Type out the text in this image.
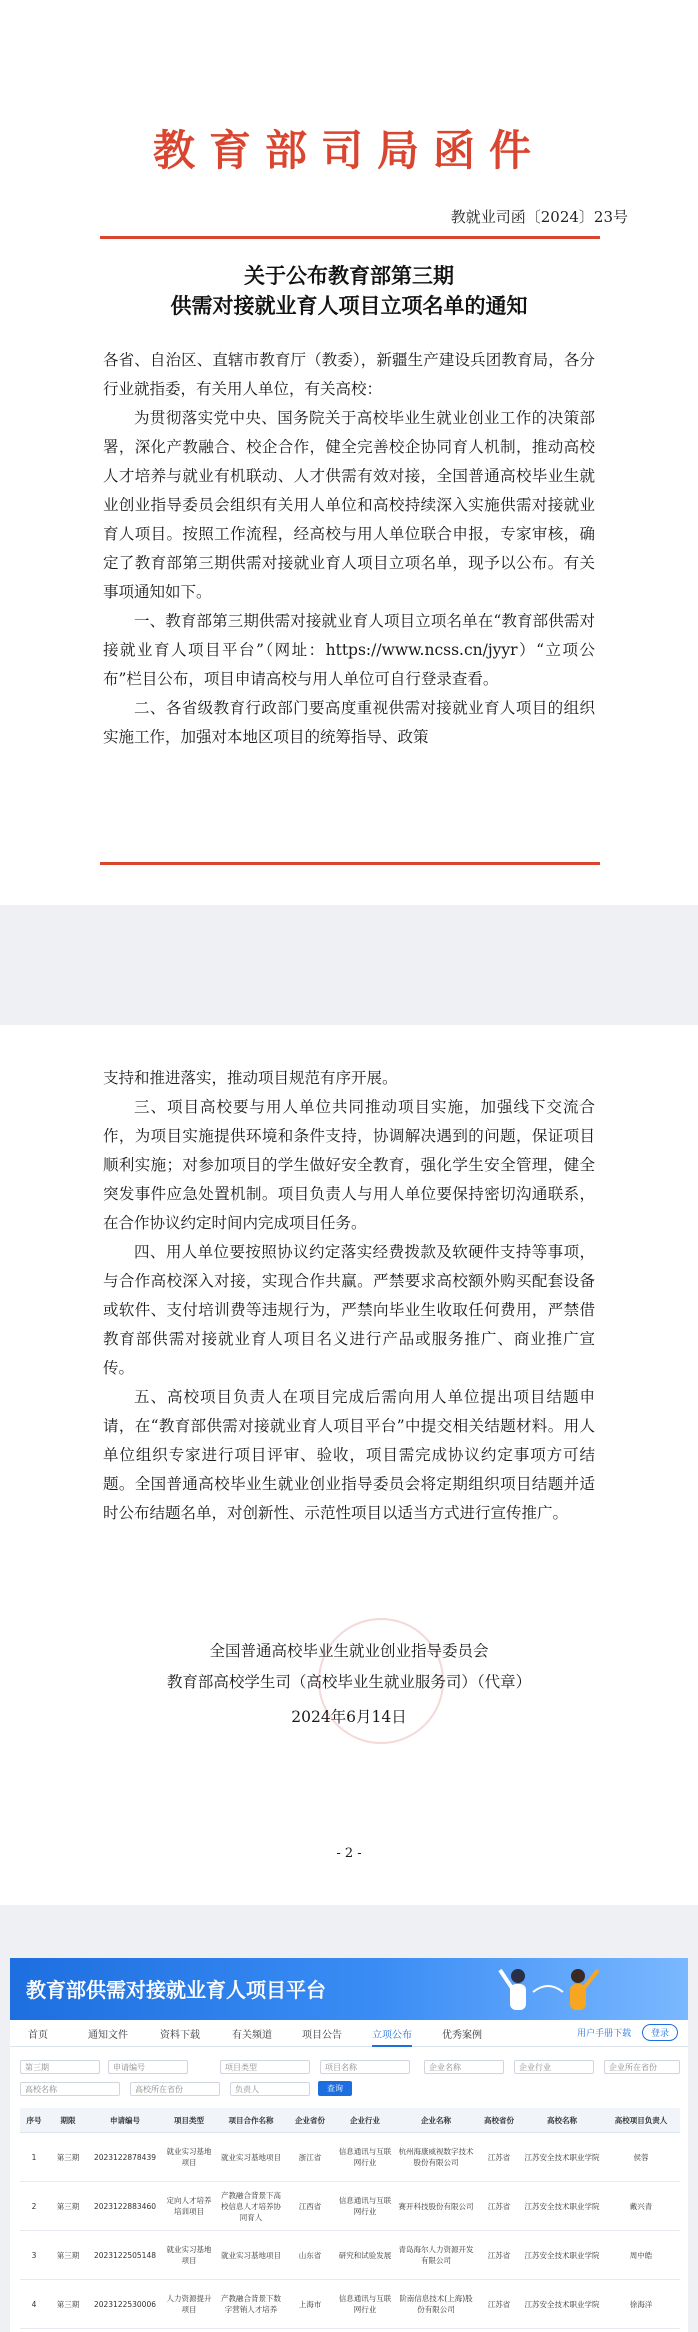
教育部司局函件
教就业司函〔2024〕23号
关于公布教育部第三期
供需对接就业育人项目立项名单的通知

各省、自治区、直辖市教育厅（教委），新疆生产建设兵团教育局，各分行业就指委，有关用人单位，有关高校：

为贯彻落实党中央、国务院关于高校毕业生就业创业工作的决策部署，深化产教融合、校企合作，健全完善校企协同育人机制，推动高校人才培养与就业有机联动、人才供需有效对接，全国普通高校毕业生就业创业指导委员会组织有关用人单位和高校持续深入实施供需对接就业育人项目。按照工作流程，经高校与用人单位联合申报，专家审核，确定了教育部第三期供需对接就业育人项目立项名单，现予以公布。有关事项通知如下。

一、教育部第三期供需对接就业育人项目立项名单在“教育部供需对接就业育人项目平台”（网址：https://www.ncss.cn/jyyr）“立项公布”栏目公布，项目申请高校与用人单位可自行登录查看。

二、各省级教育行政部门要高度重视供需对接就业育人项目的组织实施工作，加强对本地区项目的统筹指导、政策

支持和推进落实，推动项目规范有序开展。

三、项目高校要与用人单位共同推动项目实施，加强线下交流合作，为项目实施提供环境和条件支持，协调解决遇到的问题，保证项目顺利实施；对参加项目的学生做好安全教育，强化学生安全管理，健全突发事件应急处置机制。项目负责人与用人单位要保持密切沟通联系，在合作协议约定时间内完成项目任务。

四、用人单位要按照协议约定落实经费拨款及软硬件支持等事项，与合作高校深入对接，实现合作共赢。严禁要求高校额外购买配套设备或软件、支付培训费等违规行为，严禁向毕业生收取任何费用，严禁借教育部供需对接就业育人项目名义进行产品或服务推广、商业推广宣传。

五、高校项目负责人在项目完成后需向用人单位提出项目结题申请，在“教育部供需对接就业育人项目平台”中提交相关结题材料。用人单位组织专家进行项目评审、验收，项目需完成协议约定事项方可结题。全国普通高校毕业生就业创业指导委员会将定期组织项目结题并适时公布结题名单，对创新性、示范性项目以适当方式进行宣传推广。

全国普通高校毕业生就业创业指导委员会
教育部高校学生司（高校毕业生就业服务司）（代章）
2024年6月14日
- 2 -
教育部供需对接就业育人项目平台
首页	通知文件	资料下载	有关频道	项目公告	立项公布	优秀案例	用户手册下载 登录
第三期	申请编号	项目类型	项目名称	企业名称	企业行业	企业所在省份
高校名称	高校所在省份	负责人	查询
序号	期限	申请编号	项目类型	项目合作名称	企业省份	企业行业	企业名称	高校省份	高校名称	高校项目负责人
1	第三期	2023122878439	就业实习基地项目	就业实习基地项目	浙江省	信息通讯与互联网行业	杭州海康威视数字技术股份有限公司	江苏省	江苏安全技术职业学院	侯蓉
2	第三期	2023122883460	定向人才培养培训项目	产教融合背景下高校信息人才培养协同育人	江西省	信息通讯与互联网行业	赛开科技股份有限公司	江苏省	江苏安全技术职业学院	戴兴青
3	第三期	2023122505148	就业实习基地项目	就业实习基地项目	山东省	研究和试验发展	青岛海尔人力资源开发有限公司	江苏省	江苏安全技术职业学院	周中皓
4	第三期	2023122530006	人力资源提升项目	产教融合背景下数字营销人才培养	上海市	信息通讯与互联网行业	阶南信息技术(上海)股份有限公司	江苏省	江苏安全技术职业学院	徐海洋
